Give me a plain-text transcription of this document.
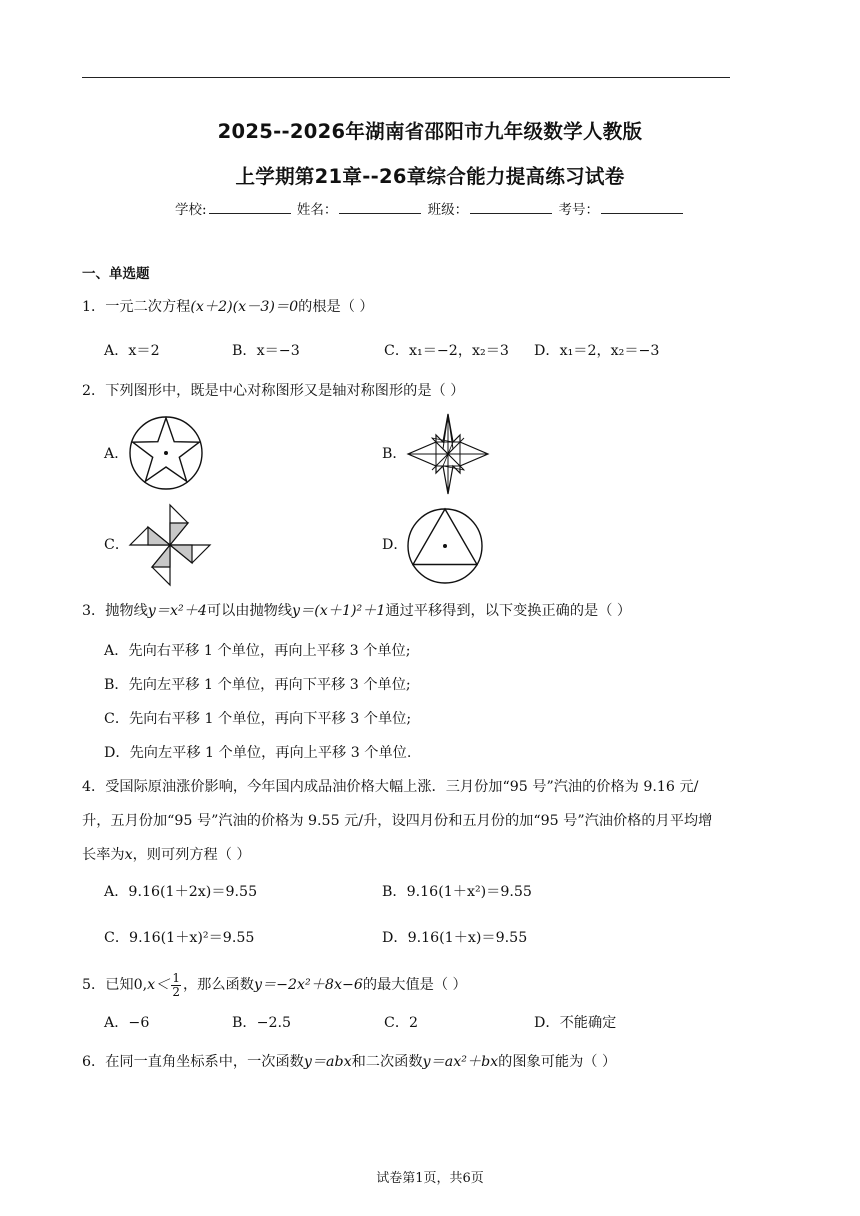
2025--2026年湖南省邵阳市九年级数学人教版
上学期第21章--26章综合能力提高练习试卷
学校:	姓名：	班级：	考号：
一、单选题
1．一元二次方程(x＋2)(x－3)＝0的根是（ ）
A．x＝2	B．x＝−3	C．x₁＝−2，x₂＝3 D．x₁＝2，x₂＝−3
2．下列图形中，既是中心对称图形又是轴对称图形的是（ ）
A．	B．
C．	D．
3．抛物线y＝x²＋4可以由抛物线y＝(x＋1)²＋1通过平移得到，以下变换正确的是（ ）
A．先向右平移 1 个单位，再向上平移 3 个单位;
B．先向左平移 1 个单位，再向下平移 3 个单位;
C．先向右平移 1 个单位，再向下平移 3 个单位;
D．先向左平移 1 个单位，再向上平移 3 个单位.
4．受国际原油涨价影响，今年国内成品油价格大幅上涨．三月份加“95 号”汽油的价格为 9.16 元/
升，五月份加“95 号”汽油的价格为 9.55 元/升，设四月份和五月份的加“95 号”汽油价格的月平均增
长率为x，则可列方程（ ）
A．9.16(1＋2x)＝9.55	B．9.16(1＋x²)＝9.55
C．9.16(1＋x)²＝9.55	D．9.16(1＋x)＝9.55
5．已知$0,x< \frac{1}{2}$ ，那么函数y＝−2x²＋8x−6的最大值是（ ）
A．−6	B．−2.5	C．2	D．不能确定
6．在同一直角坐标系中，一次函数y＝abx和二次函数y＝ax²＋bx的图象可能为（ ）
试卷第1页，共6页
